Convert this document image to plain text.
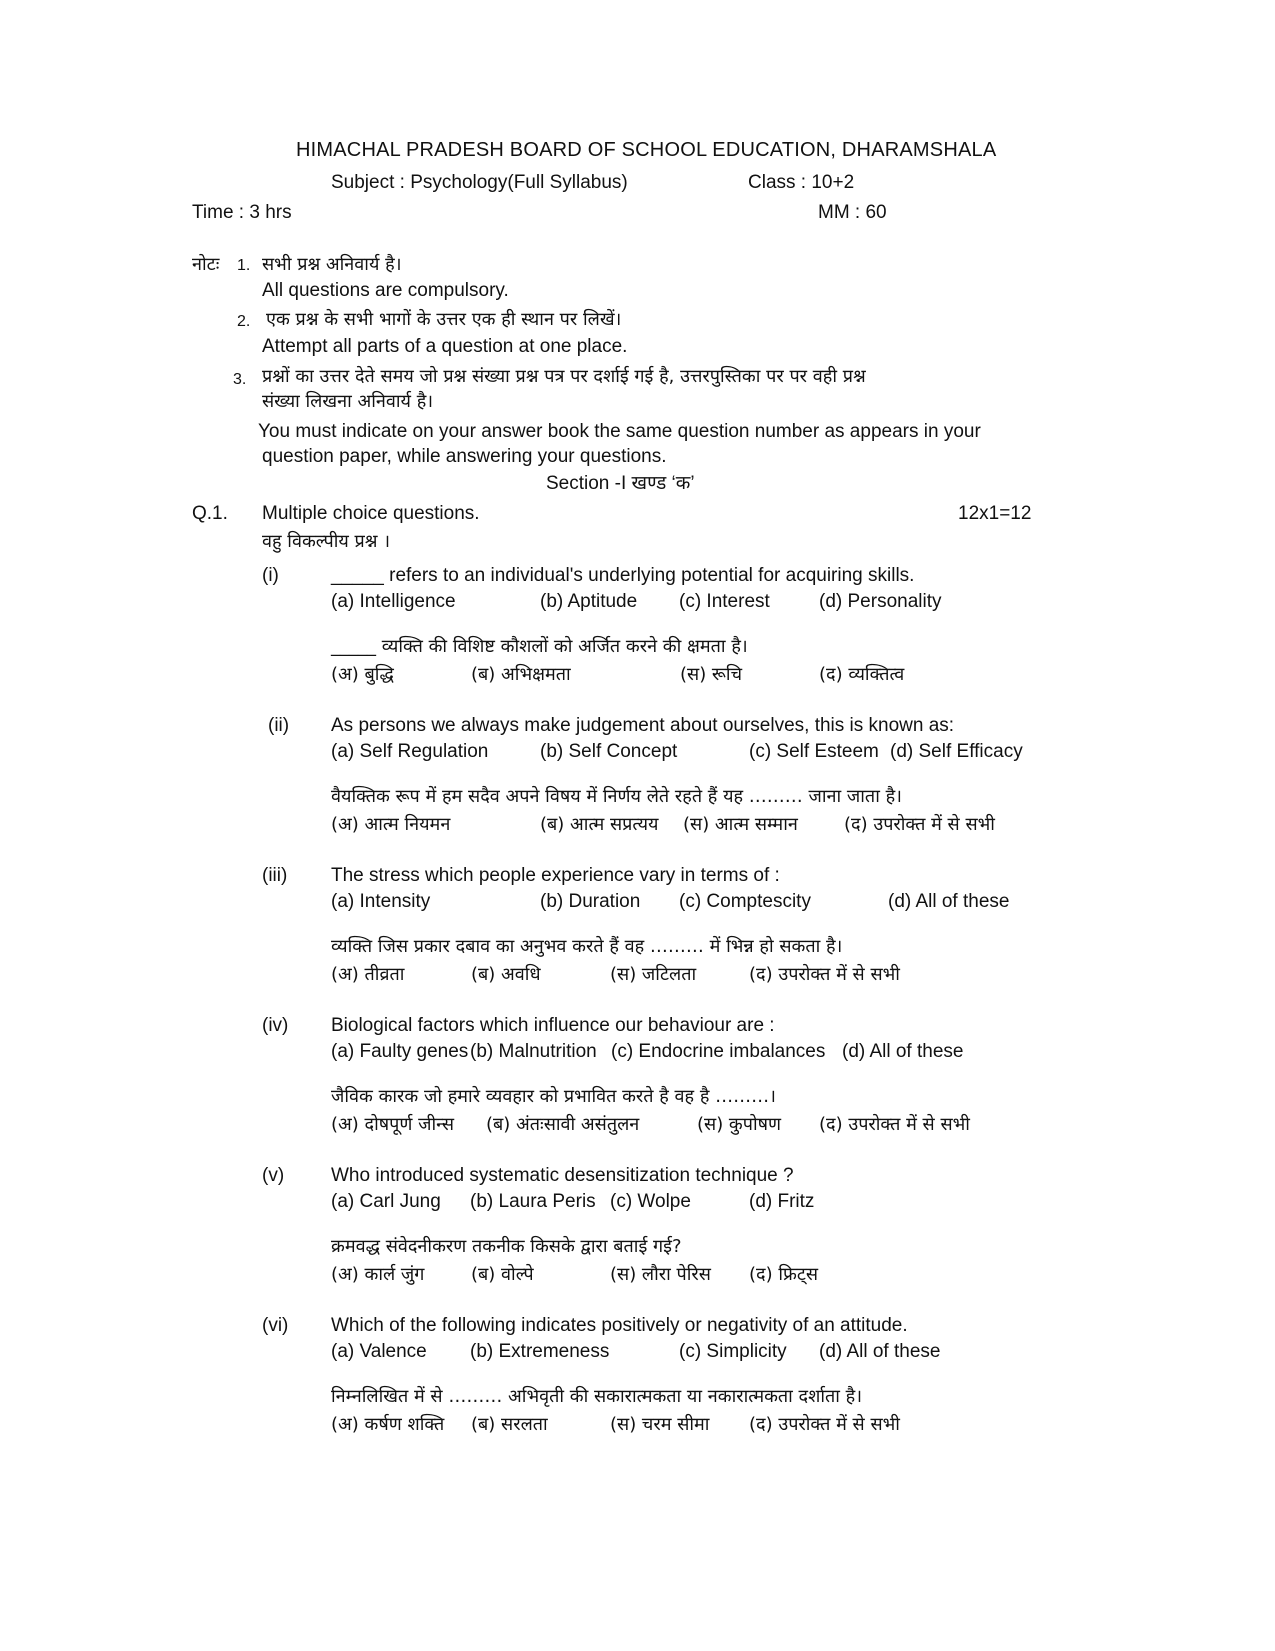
HIMACHAL PRADESH BOARD OF SCHOOL EDUCATION, DHARAMSHALA
Subject : Psychology(Full Syllabus)	Class : 10+2
Time : 3 hrs	MM : 60
नोटः 1. सभी प्रश्न अनिवार्य है।
All questions are compulsory.
2. एक प्रश्न के सभी भागों के उत्तर एक ही स्थान पर लिखें।
Attempt all parts of a question at one place.
3. प्रश्नों का उत्तर देते समय जो प्रश्न संख्या प्रश्न पत्र पर दर्शाई गई है, उत्तरपुस्तिका पर पर वही प्रश्न
संख्या लिखना अनिवार्य है।
You must indicate on your answer book the same question number as appears in your
question paper, while answering your questions.
Section -I खण्ड ‘क’
Q.1. Multiple choice questions.	12x1=12
वहु विकल्पीय प्रश्न ।
(i)	_____ refers to an individual's underlying potential for acquiring skills.
(a) Intelligence	(b) Aptitude (c) Interest	(d) Personality
_____ व्यक्ति की विशिष्ट कौशलों को अर्जित करने की क्षमता है।
(अ) बुद्धि	(ब) अभिक्षमता	(स) रूचि	(द) व्यक्तित्व
(ii) As persons we always make judgement about ourselves, this is known as:
(a) Self Regulation	(b) Self Concept	(c) Self Esteem (d) Self Efficacy
वैयक्तिक रूप में हम सदैव अपने विषय में निर्णय लेते रहते हैं यह ……… जाना जाता है।
(अ) आत्म नियमन	(ब) आत्म सप्रत्यय (स) आत्म सम्मान	(द) उपरोक्त में से सभी
(iii) The stress which people experience vary in terms of :
(a) Intensity	(b) Duration (c) Comptescity	(d) All of these
व्यक्ति जिस प्रकार दबाव का अनुभव करते हैं वह ……… में भिन्न हो सकता है।
(अ) तीव्रता	(ब) अवधि	(स) जटिलता	(द) उपरोक्त में से सभी
(iv) Biological factors which influence our behaviour are :
(a) Faulty genes (b) Malnutrition (c) Endocrine imbalances (d) All of these
जैविक कारक जो हमारे व्यवहार को प्रभावित करते है वह है ………।
(अ) दोषपूर्ण जीन्स (ब) अंतःसावी असंतुलन	(स) कुपोषण (द) उपरोक्त में से सभी
(v) Who introduced systematic desensitization technique ?
(a) Carl Jung (b) Laura Peris (c) Wolpe	(d) Fritz
क्रमवद्ध संवेदनीकरण तकनीक किसके द्वारा बताई गई?
(अ) कार्ल जुंग	(ब) वोल्पे	(स) लौरा पेरिस (द) फ्रिट्स
(vi) Which of the following indicates positively or negativity of an attitude.
(a) Valence (b) Extremeness	(c) Simplicity (d) All of these
निम्नलिखित में से ……… अभिवृती की सकारात्मकता या नकारात्मकता दर्शाता है।
(अ) कर्षण शक्ति (ब) सरलता	(स) चरम सीमा (द) उपरोक्त में से सभी
